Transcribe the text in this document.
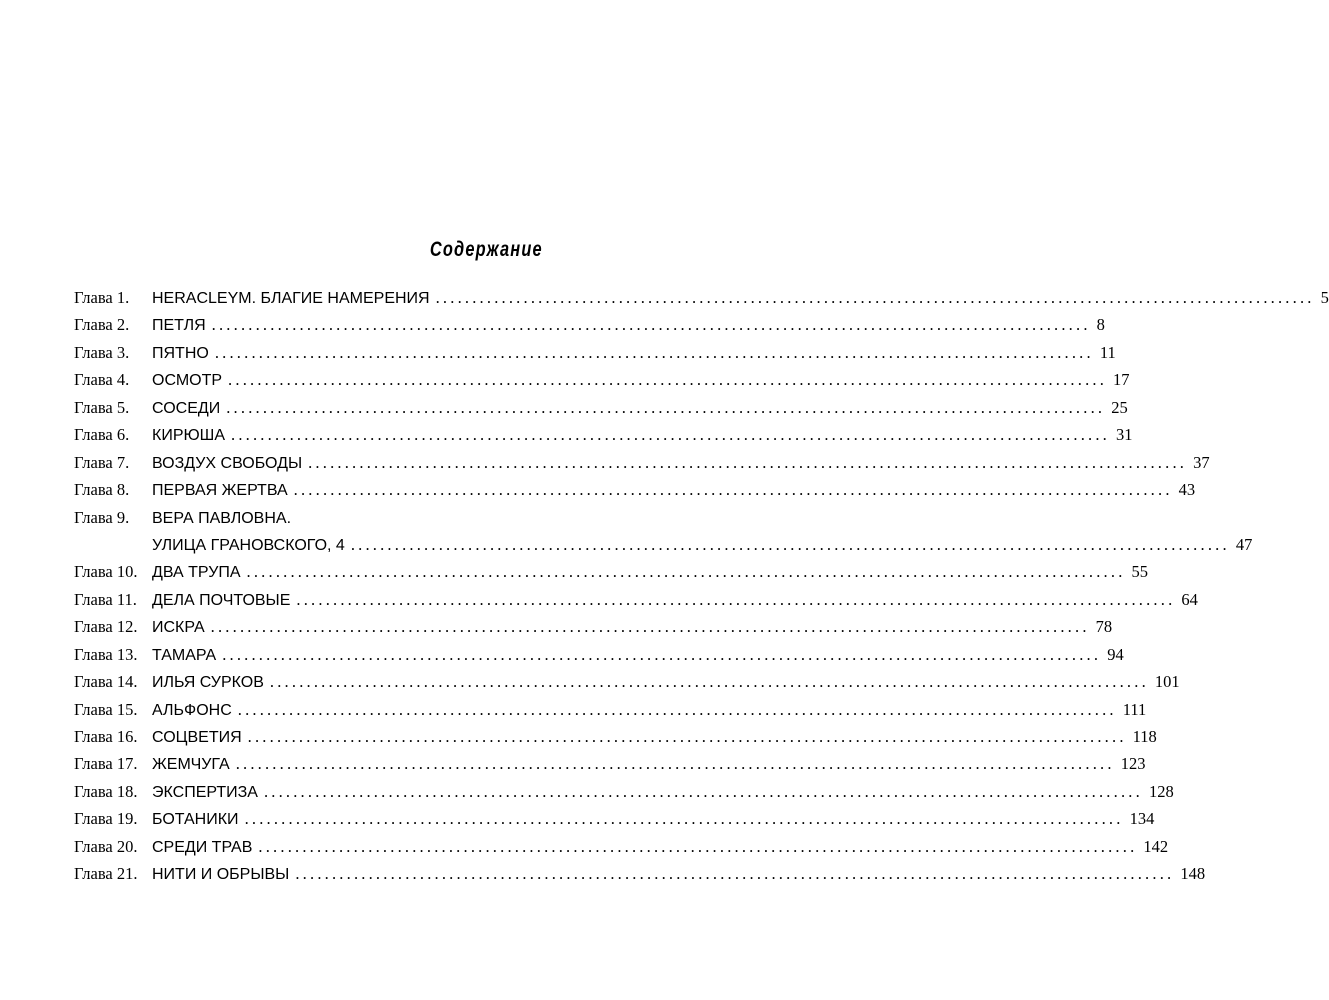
Содержание
Глава 1.	HERACLEYM. БЛАГИЕ НАМЕРЕНИЯ ........................................................................................................................ 5
Глава 2.	ПЕТЛЯ ........................................................................................................................ 8
Глава 3.	ПЯТНО ........................................................................................................................ 11
Глава 4.	ОСМОТР ........................................................................................................................ 17
Глава 5.	СОСЕДИ ........................................................................................................................ 25
Глава 6.	КИРЮША ........................................................................................................................ 31
Глава 7.	ВОЗДУХ СВОБОДЫ ........................................................................................................................ 37
Глава 8.	ПЕРВАЯ ЖЕРТВА ........................................................................................................................ 43
Глава 9.	ВЕРА ПАВЛОВНА.
УЛИЦА ГРАНОВСКОГО, 4 ........................................................................................................................ 47
Глава 10. ДВА ТРУПА ........................................................................................................................ 55
Глава 11. ДЕЛА ПОЧТОВЫЕ ........................................................................................................................ 64
Глава 12. ИСКРА ........................................................................................................................ 78
Глава 13. ТАМАРА ........................................................................................................................ 94
Глава 14. ИЛЬЯ СУРКОВ ........................................................................................................................ 101
Глава 15. АЛЬФОНС ........................................................................................................................ 111
Глава 16. СОЦВЕТИЯ ........................................................................................................................ 118
Глава 17. ЖЕМЧУГА ........................................................................................................................ 123
Глава 18. ЭКСПЕРТИЗА ........................................................................................................................ 128
Глава 19. БОТАНИКИ ........................................................................................................................ 134
Глава 20. СРЕДИ ТРАВ ........................................................................................................................ 142
Глава 21. НИТИ И ОБРЫВЫ ........................................................................................................................ 148
